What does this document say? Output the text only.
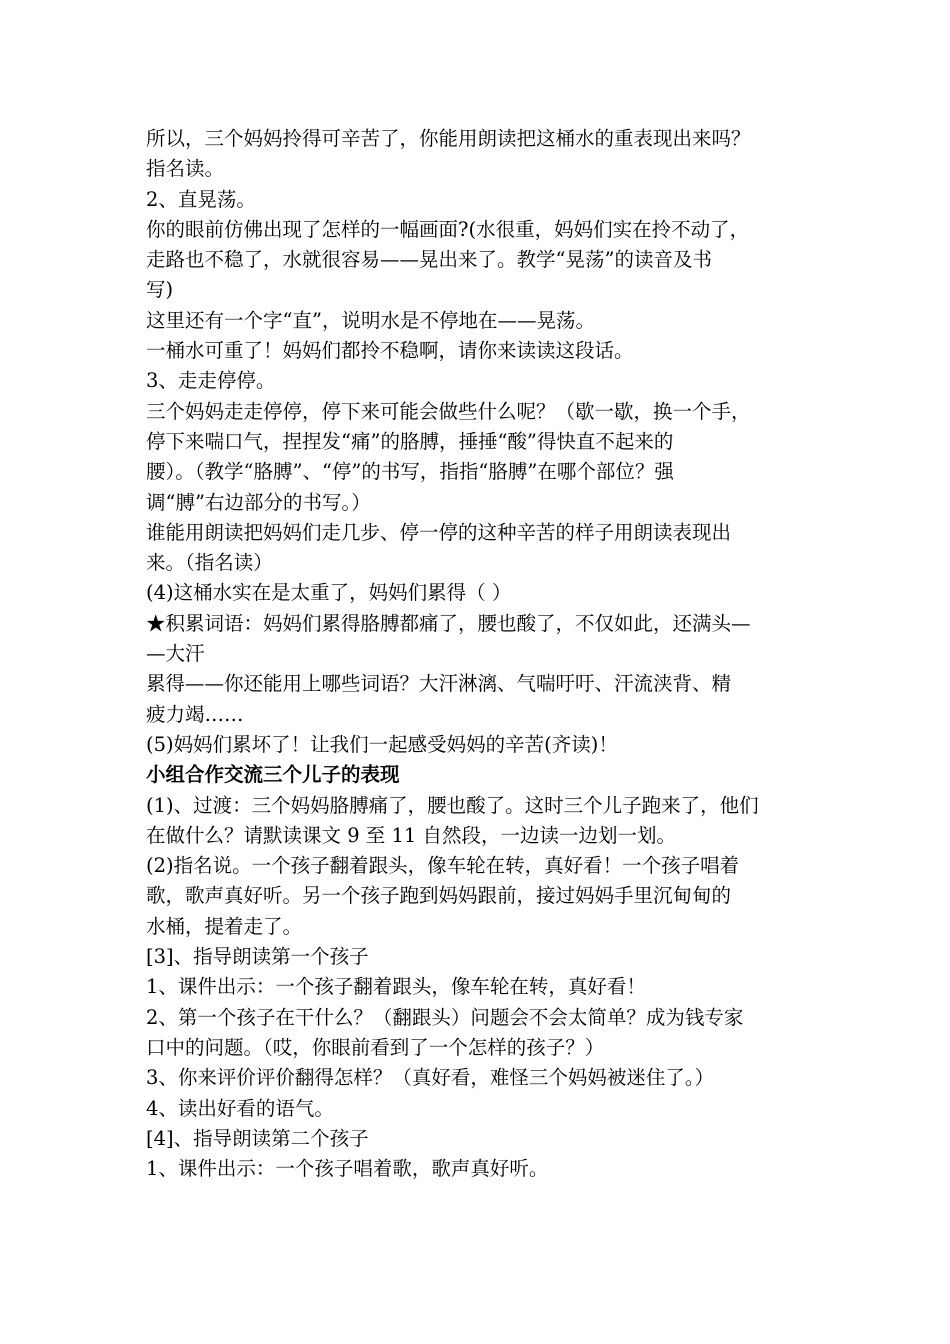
所以，三个妈妈拎得可辛苦了，你能用朗读把这桶水的重表现出来吗？
指名读。
2、直晃荡。
你的眼前仿佛出现了怎样的一幅画面?(水很重，妈妈们实在拎不动了，
走路也不稳了，水就很容易——晃出来了。教学“晃荡”的读音及书
写)
这里还有一个字“直”，说明水是不停地在——晃荡。
一桶水可重了！妈妈们都拎不稳啊，请你来读读这段话。
3、走走停停。
三个妈妈走走停停，停下来可能会做些什么呢？（歇一歇，换一个手，
停下来喘口气，捏捏发“痛”的胳膊，捶捶“酸”得快直不起来的
腰）。（教学“胳膊”、“停”的书写，指指“胳膊”在哪个部位？强
调“膊”右边部分的书写。）
谁能用朗读把妈妈们走几步、停一停的这种辛苦的样子用朗读表现出
来。（指名读）
(4)这桶水实在是太重了，妈妈们累得（ ）
★积累词语：妈妈们累得胳膊都痛了，腰也酸了，不仅如此，还满头—
—大汗
累得——你还能用上哪些词语？大汗淋漓、气喘吁吁、汗流浃背、精
疲力竭……
(5)妈妈们累坏了！让我们一起感受妈妈的辛苦(齐读)！
小组合作交流三个儿子的表现
(1)、过渡：三个妈妈胳膊痛了，腰也酸了。这时三个儿子跑来了，他们
在做什么？请默读课文 9 至 11 自然段，一边读一边划一划。
(2)指名说。一个孩子翻着跟头，像车轮在转，真好看！一个孩子唱着
歌，歌声真好听。另一个孩子跑到妈妈跟前，接过妈妈手里沉甸甸的
水桶，提着走了。
[3]、指导朗读第一个孩子
1、课件出示：一个孩子翻着跟头，像车轮在转，真好看！
2、第一个孩子在干什么？（翻跟头）问题会不会太简单？成为钱专家
口中的问题。（哎，你眼前看到了一个怎样的孩子？）
3、你来评价评价翻得怎样？（真好看，难怪三个妈妈被迷住了。）
4、读出好看的语气。
[4]、指导朗读第二个孩子
1、课件出示：一个孩子唱着歌，歌声真好听。
